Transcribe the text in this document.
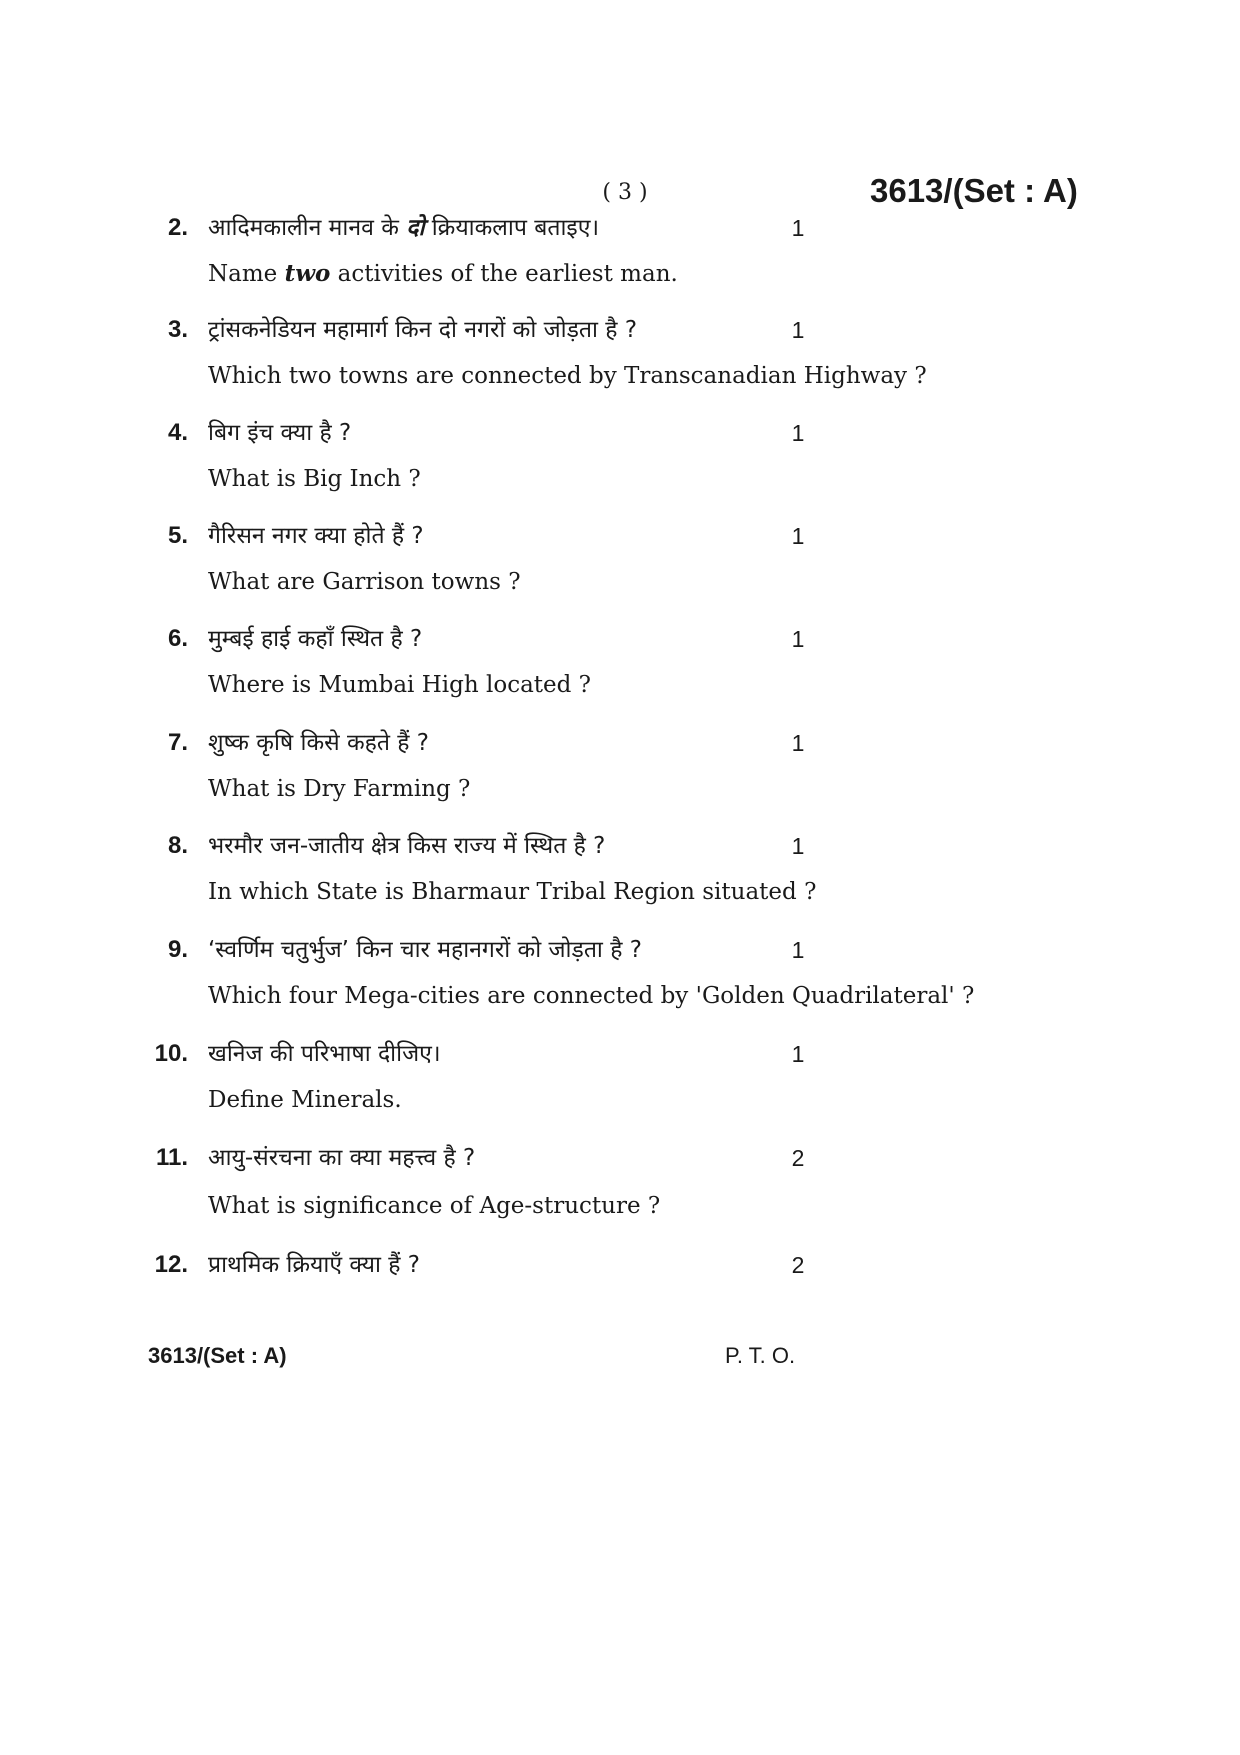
( 3 )	3613/(Set : A)
2. आदिमकालीन मानव के दो क्रियाकलाप बताइए।	1
Name two activities of the earliest man.
3. ट्रांसकनेडियन महामार्ग किन दो नगरों को जोड़ता है ?	1
Which two towns are connected by Transcanadian Highway ?
4. बिग इंच क्या है ?	1
What is Big Inch ?
5. गैरिसन नगर क्या होते हैं ?	1
What are Garrison towns ?
6. मुम्बई हाई कहाँ स्थित है ?	1
Where is Mumbai High located ?
7. शुष्क कृषि किसे कहते हैं ?	1
What is Dry Farming ?
8. भरमौर जन-जातीय क्षेत्र किस राज्य में स्थित है ?	1
In which State is Bharmaur Tribal Region situated ?
9. ‘स्वर्णिम चतुर्भुज’ किन चार महानगरों को जोड़ता है ?	1
Which four Mega-cities are connected by 'Golden Quadrilateral' ?
10. खनिज की परिभाषा दीजिए।	1
Define Minerals.
11. आयु-संरचना का क्या महत्त्व है ?	2
What is significance of Age-structure ?
12. प्राथमिक क्रियाएँ क्या हैं ?	2
3613/(Set : A)	P. T. O.
